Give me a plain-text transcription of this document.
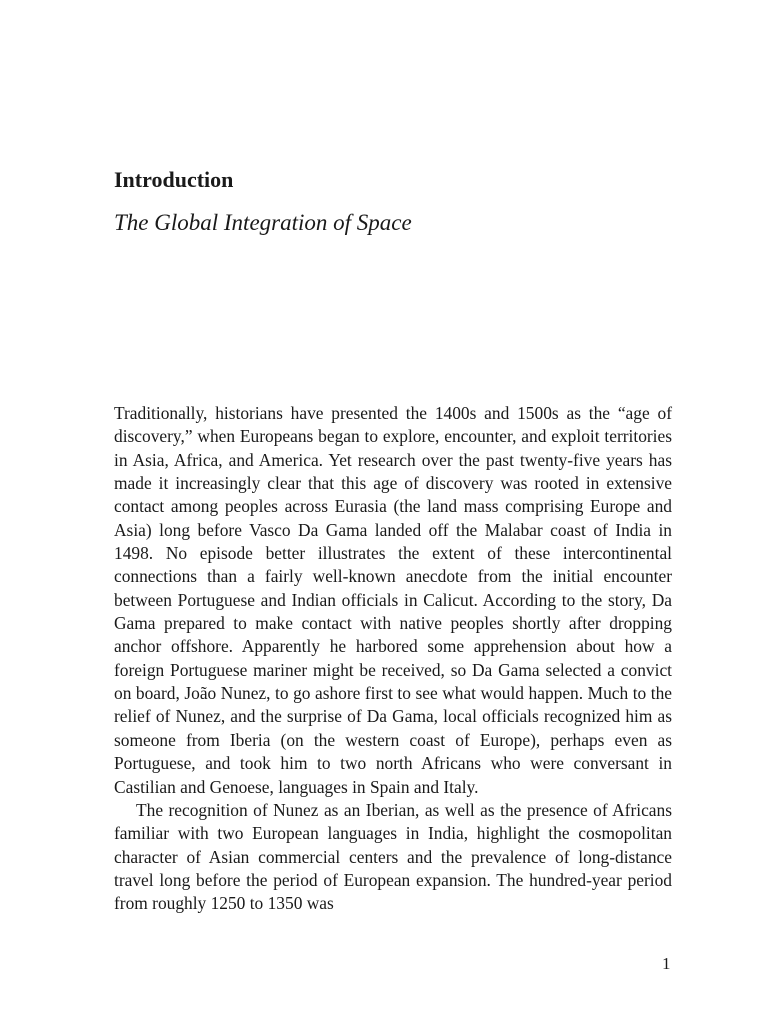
Introduction
The Global Integration of Space

Traditionally, historians have presented the 1400s and 1500s as the “age of discovery,” when Europeans began to explore, encounter, and exploit territories in Asia, Africa, and America. Yet research over the past twenty-five years has made it increasingly clear that this age of discovery was rooted in extensive contact among peoples across Eurasia (the land mass comprising Europe and Asia) long before Vasco Da Gama landed off the Malabar coast of India in 1498. No episode better illustrates the extent of these intercontinental connections than a fairly well-known anecdote from the initial encounter between Portuguese and Indian officials in Calicut. According to the story, Da Gama prepared to make contact with native peoples shortly after dropping anchor offshore. Apparently he harbored some apprehension about how a foreign Portuguese mariner might be received, so Da Gama selected a convict on board, João Nunez, to go ashore first to see what would happen. Much to the relief of Nunez, and the surprise of Da Gama, local officials recognized him as someone from Iberia (on the western coast of Europe), perhaps even as Portuguese, and took him to two north Africans who were conversant in Castilian and Genoese, languages in Spain and Italy.

The recognition of Nunez as an Iberian, as well as the presence of Africans familiar with two European languages in India, highlight the cosmopolitan character of Asian commercial centers and the prevalence of long-distance travel long before the period of European expansion. The hundred-year period from roughly 1250 to 1350 was

1
